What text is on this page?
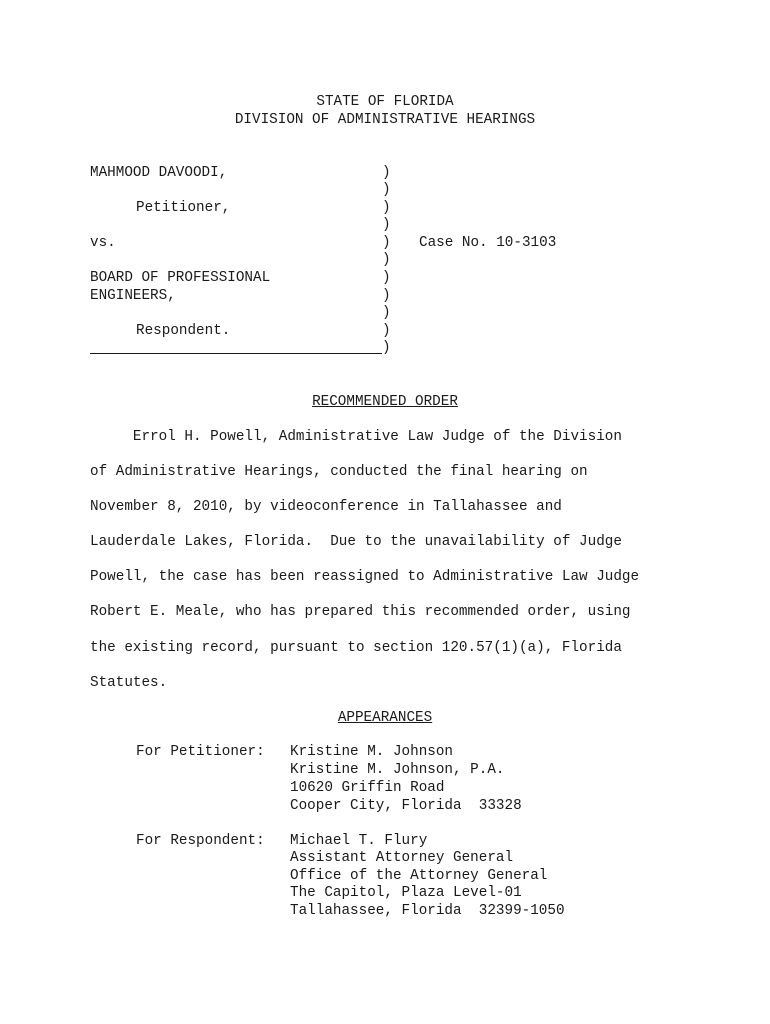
STATE OF FLORIDA
DIVISION OF ADMINISTRATIVE HEARINGS
MAHMOOD DAVOODI,
Petitioner,
vs.
BOARD OF PROFESSIONAL
ENGINEERS,
Respondent.
)
)
)
)
)
)
)
)
)
)
)
Case No. 10-3103
RECOMMENDED ORDER
Errol H. Powell, Administrative Law Judge of the Division
of Administrative Hearings, conducted the final hearing on
November 8, 2010, by videoconference in Tallahassee and
Lauderdale Lakes, Florida.  Due to the unavailability of Judge
Powell, the case has been reassigned to Administrative Law Judge
Robert E. Meale, who has prepared this recommended order, using
the existing record, pursuant to section 120.57(1)(a), Florida
Statutes.
APPEARANCES
For Petitioner: Kristine M. Johnson
Kristine M. Johnson, P.A.
10620 Griffin Road
Cooper City, Florida  33328
For Respondent: Michael T. Flury
Assistant Attorney General
Office of the Attorney General
The Capitol, Plaza Level-01
Tallahassee, Florida  32399-1050
